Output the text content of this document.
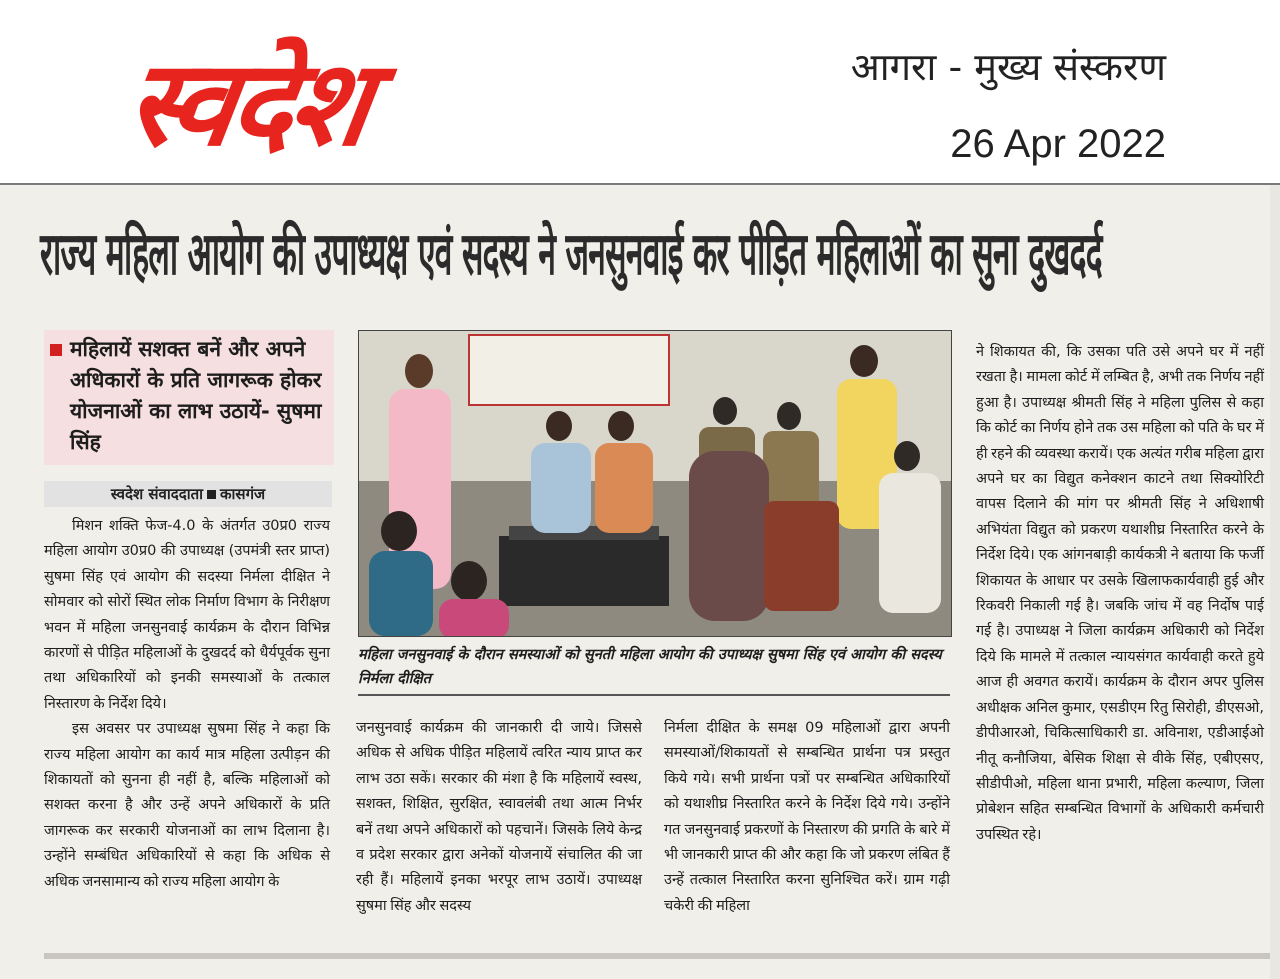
स्वदेश	आगरा - मुख्य संस्करण
26 Apr 2022
राज्य महिला आयोग की उपाध्यक्ष एवं सदस्य ने जनसुनवाई कर पीड़ित महिलाओं का सुना दुखदर्द
महिलायें सशक्त बनें और अपने अधिकारों के प्रति जागरूक होकर योजनाओं का लाभ उठायें- सुषमा सिंह
स्वदेश संवाददाता कासगंज

मिशन शक्ति फेज-4.0 के अंतर्गत उ0प्र0 राज्य महिला आयोग उ0प्र0 की उपाध्यक्ष (उपमंत्री स्तर प्राप्त) सुषमा सिंह एवं आयोग की सदस्या निर्मला दीक्षित ने सोमवार को सोरों स्थित लोक निर्माण विभाग के निरीक्षण भवन में महिला जनसुनवाई कार्यक्रम के दौरान विभिन्न कारणों से पीड़ित महिलाओं के दुखदर्द को धैर्यपूर्वक सुना तथा अधिकारियों को इनकी समस्याओं के तत्काल निस्तारण के निर्देश दिये।

इस अवसर पर उपाध्यक्ष सुषमा सिंह ने कहा कि राज्य महिला आयोग का कार्य मात्र महिला उत्पीड़न की शिकायतों को सुनना ही नहीं है, बल्कि महिलाओं को सशक्त करना है और उन्हें अपने अधिकारों के प्रति जागरूक कर सरकारी योजनाओं का लाभ दिलाना है। उन्होंने सम्बंधित अधिकारियों से कहा कि अधिक से अधिक जनसामान्य को राज्य महिला आयोग के

महिला जनसुनवाई के दौरान समस्याओं को सुनती महिला आयोग की उपाध्यक्ष सुषमा सिंह एवं आयोग की सदस्य निर्मला दीक्षित

जनसुनवाई कार्यक्रम की जानकारी दी जाये। जिससे अधिक से अधिक पीड़ित महिलायें त्वरित न्याय प्राप्त कर लाभ उठा सकें। सरकार की मंशा है कि महिलायें स्वस्थ, सशक्त, शिक्षित, सुरक्षित, स्वावलंबी तथा आत्म निर्भर बनें तथा अपने अधिकारों को पहचानें। जिसके लिये केन्द्र व प्रदेश सरकार द्वारा अनेकों योजनायें संचालित की जा रही हैं। महिलायें इनका भरपूर लाभ उठायें। उपाध्यक्ष सुषमा सिंह और सदस्य

निर्मला दीक्षित के समक्ष 09 महिलाओं द्वारा अपनी समस्याओं/शिकायतों से सम्बन्धित प्रार्थना पत्र प्रस्तुत किये गये। सभी प्रार्थना पत्रों पर सम्बन्धित अधिकारियों को यथाशीघ्र निस्तारित करने के निर्देश दिये गये। उन्होंने गत जनसुनवाई प्रकरणों के निस्तारण की प्रगति के बारे में भी जानकारी प्राप्त की और कहा कि जो प्रकरण लंबित हैं उन्हें तत्काल निस्तारित करना सुनिश्चित करें। ग्राम गढ़ी चकेरी की महिला

ने शिकायत की, कि उसका पति उसे अपने घर में नहीं रखता है। मामला कोर्ट में लम्बित है, अभी तक निर्णय नहीं हुआ है। उपाध्यक्ष श्रीमती सिंह ने महिला पुलिस से कहा कि कोर्ट का निर्णय होने तक उस महिला को पति के घर में ही रहने की व्यवस्था करायें। एक अत्यंत गरीब महिला द्वारा अपने घर का विद्युत कनेक्शन काटने तथा सिक्योरिटी वापस दिलाने की मांग पर श्रीमती सिंह ने अधिशाषी अभियंता विद्युत को प्रकरण यथाशीघ्र निस्तारित करने के निर्देश दिये। एक आंगनबाड़ी कार्यकत्री ने बताया कि फर्जी शिकायत के आधार पर उसके खिलाफकार्यवाही हुई और रिकवरी निकाली गई है। जबकि जांच में वह निर्दोष पाई गई है। उपाध्यक्ष ने जिला कार्यक्रम अधिकारी को निर्देश दिये कि मामले में तत्काल न्यायसंगत कार्यवाही करते हुये आज ही अवगत करायें। कार्यक्रम के दौरान अपर पुलिस अधीक्षक अनिल कुमार, एसडीएम रितु सिरोही, डीएसओ, डीपीआरओ, चिकित्साधिकारी डा. अविनाश, एडीआईओ नीतू कनौजिया, बेसिक शिक्षा से वीके सिंह, एबीएसए, सीडीपीओ, महिला थाना प्रभारी, महिला कल्याण, जिला प्रोबेशन सहित सम्बन्धित विभागों के अधिकारी कर्मचारी उपस्थित रहे।
